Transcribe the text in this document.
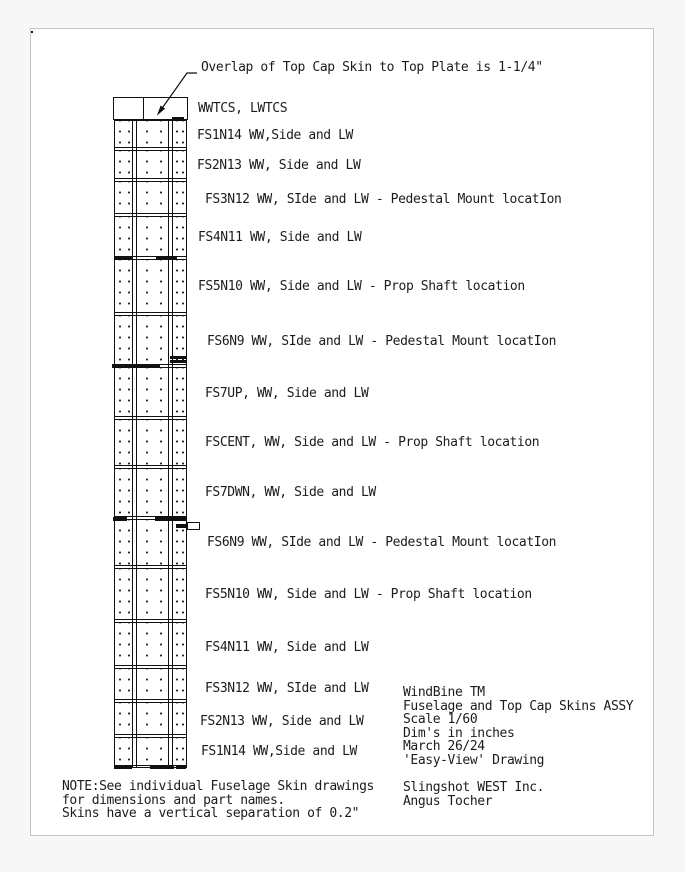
Overlap of Top Cap Skin to Top Plate is 1-1/4"
WWTCS, LWTCS
FS1N14 WW,Side and LW
FS2N13 WW, Side and LW
FS3N12 WW, SIde and LW - Pedestal Mount locatIon
FS4N11 WW, Side and LW
FS5N10 WW, Side and LW - Prop Shaft location
FS6N9 WW, SIde and LW - Pedestal Mount locatIon
FS7UP, WW, Side and LW
FSCENT, WW, Side and LW - Prop Shaft location
FS7DWN, WW, Side and LW
FS6N9 WW, SIde and LW - Pedestal Mount locatIon
FS5N10 WW, Side and LW - Prop Shaft location
FS4N11 WW, Side and LW
FS3N12 WW, SIde and LW
FS2N13 WW, Side and LW
FS1N14 WW,Side and LW
WindBine TM
Fuselage and Top Cap Skins ASSY
Scale 1/60
Dim's in inches
March 26/24
'Easy-View' Drawing
Slingshot WEST Inc.
Angus Tocher
NOTE:See individual Fuselage Skin drawings
for dimensions and part names.
Skins have a vertical separation of 0.2"
